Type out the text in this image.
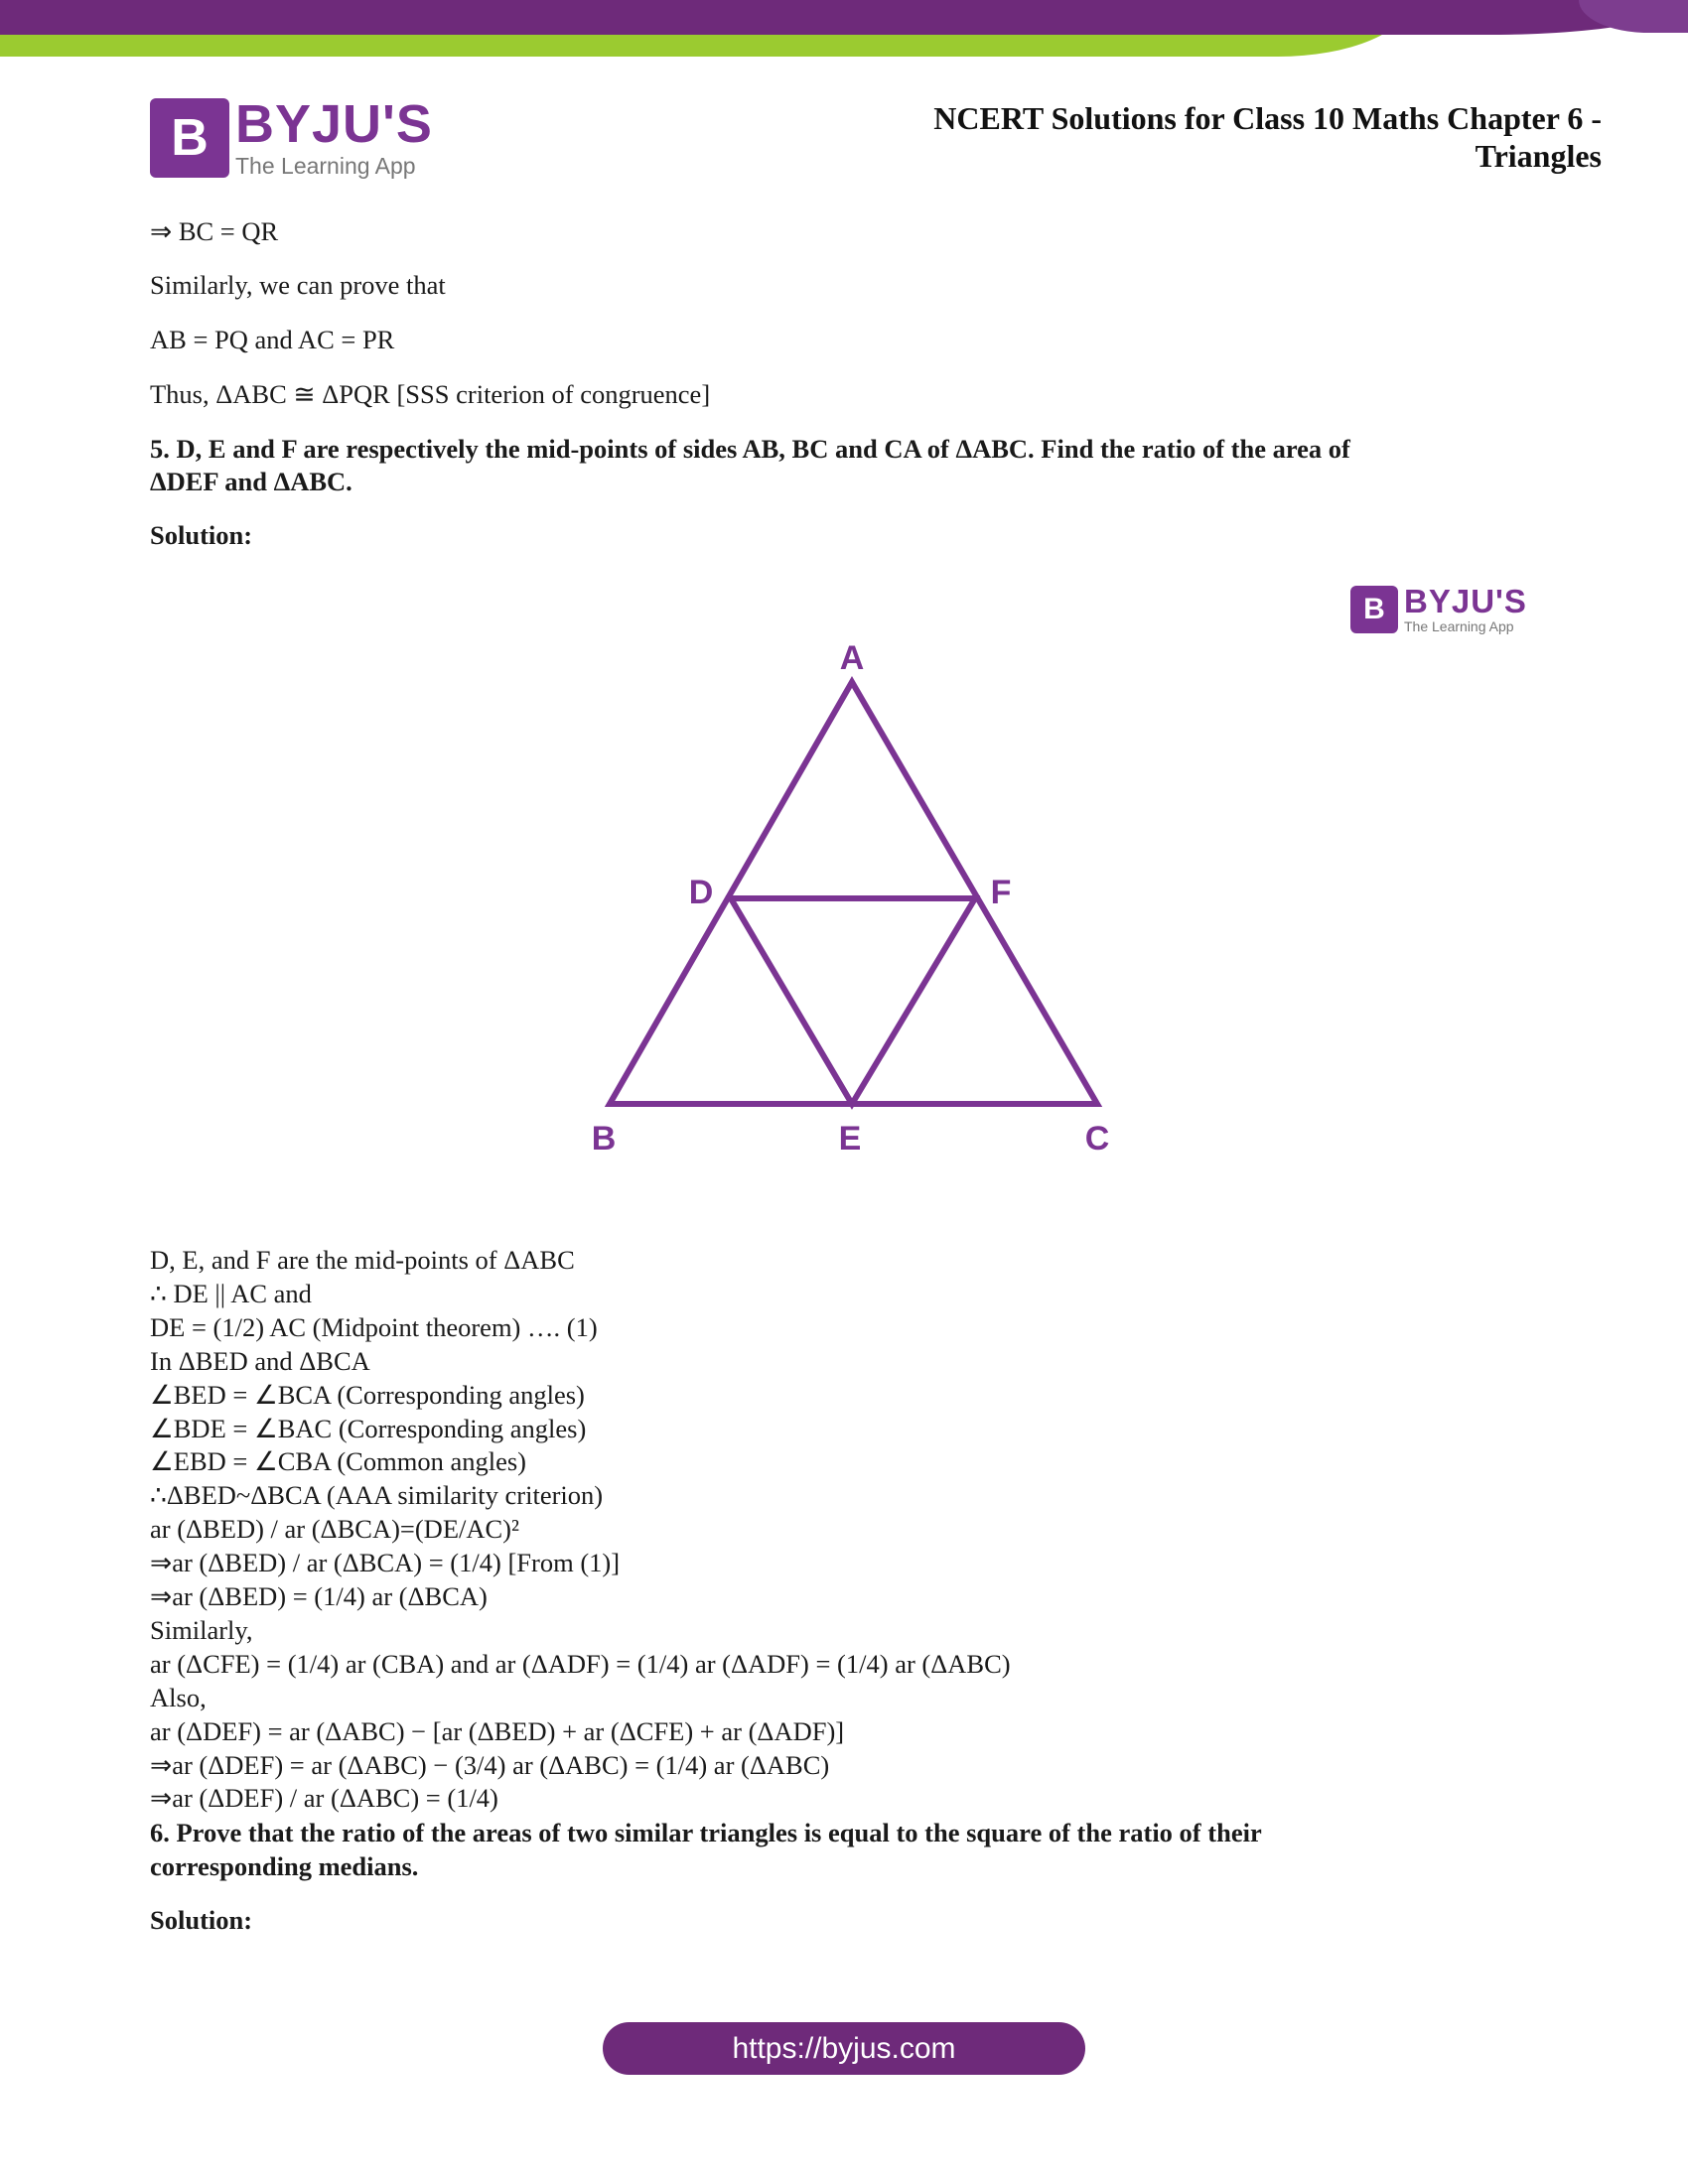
B BYJU'S
The Learning App
NCERT Solutions for Class 10 Maths Chapter 6 -
Triangles
⇒ BC = QR
Similarly, we can prove that
AB = PQ and AC = PR
Thus, ΔABC ≅ ΔPQR [SSS criterion of congruence]
5. D, E and F are respectively the mid-points of sides AB, BC and CA of ΔABC. Find the ratio of the area of
ΔDEF and ΔABC.
Solution:
B BYJU'S
The Learning App
A
D	F
B	E	C
D, E, and F are the mid-points of ΔABC
∴ DE || AC and
DE = (1/2) AC (Midpoint theorem) …. (1)
In ΔBED and ΔBCA
∠BED = ∠BCA (Corresponding angles)
∠BDE = ∠BAC (Corresponding angles)
∠EBD = ∠CBA (Common angles)
∴ΔBED~ΔBCA (AAA similarity criterion)
ar (ΔBED) / ar (ΔBCA)=(DE/AC)²
⇒ar (ΔBED) / ar (ΔBCA) = (1/4) [From (1)]
⇒ar (ΔBED) = (1/4) ar (ΔBCA)
Similarly,
ar (ΔCFE) = (1/4) ar (CBA) and ar (ΔADF) = (1/4) ar (ΔADF) = (1/4) ar (ΔABC)
Also,
ar (ΔDEF) = ar (ΔABC) − [ar (ΔBED) + ar (ΔCFE) + ar (ΔADF)]
⇒ar (ΔDEF) = ar (ΔABC) − (3/4) ar (ΔABC) = (1/4) ar (ΔABC)
⇒ar (ΔDEF) / ar (ΔABC) = (1/4)
6. Prove that the ratio of the areas of two similar triangles is equal to the square of the ratio of their
corresponding medians.
Solution:
https://byjus.com
